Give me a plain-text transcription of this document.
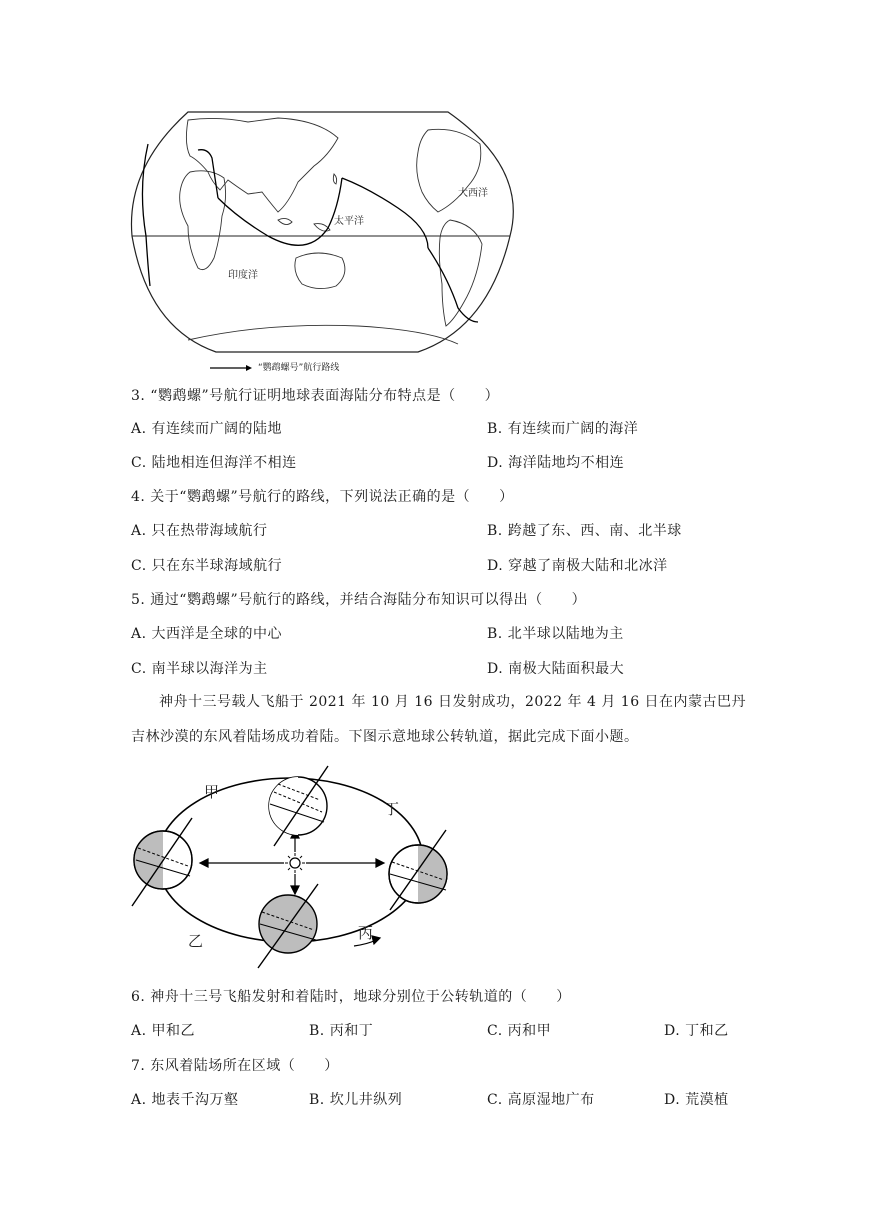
太平洋
大西洋
印度洋
“鹦鹉螺号”航行路线
3. “鹦鹉螺”号航行证明地球表面海陆分布特点是（　　）
A. 有连续而广阔的陆地	B. 有连续而广阔的海洋
C. 陆地相连但海洋不相连	D. 海洋陆地均不相连
4. 关于“鹦鹉螺”号航行的路线，下列说法正确的是（　　）
A. 只在热带海域航行	B. 跨越了东、西、南、北半球
C. 只在东半球海域航行	D. 穿越了南极大陆和北冰洋
5. 通过“鹦鹉螺”号航行的路线，并结合海陆分布知识可以得出（　　）
A. 大西洋是全球的中心	B. 北半球以陆地为主
C. 南半球以海洋为主	D. 南极大陆面积最大
神舟十三号载人飞船于 2021 年 10 月 16 日发射成功，2022 年 4 月 16 日在内蒙古巴丹
吉林沙漠的东风着陆场成功着陆。下图示意地球公转轨道，据此完成下面小题。
甲
丁
乙	丙
6. 神舟十三号飞船发射和着陆时，地球分别位于公转轨道的（　　）
A. 甲和乙	B. 丙和丁	C. 丙和甲	D. 丁和乙
7. 东风着陆场所在区域（　　）
A. 地表千沟万壑	B. 坎儿井纵列	C. 高原湿地广布	D. 荒漠植
